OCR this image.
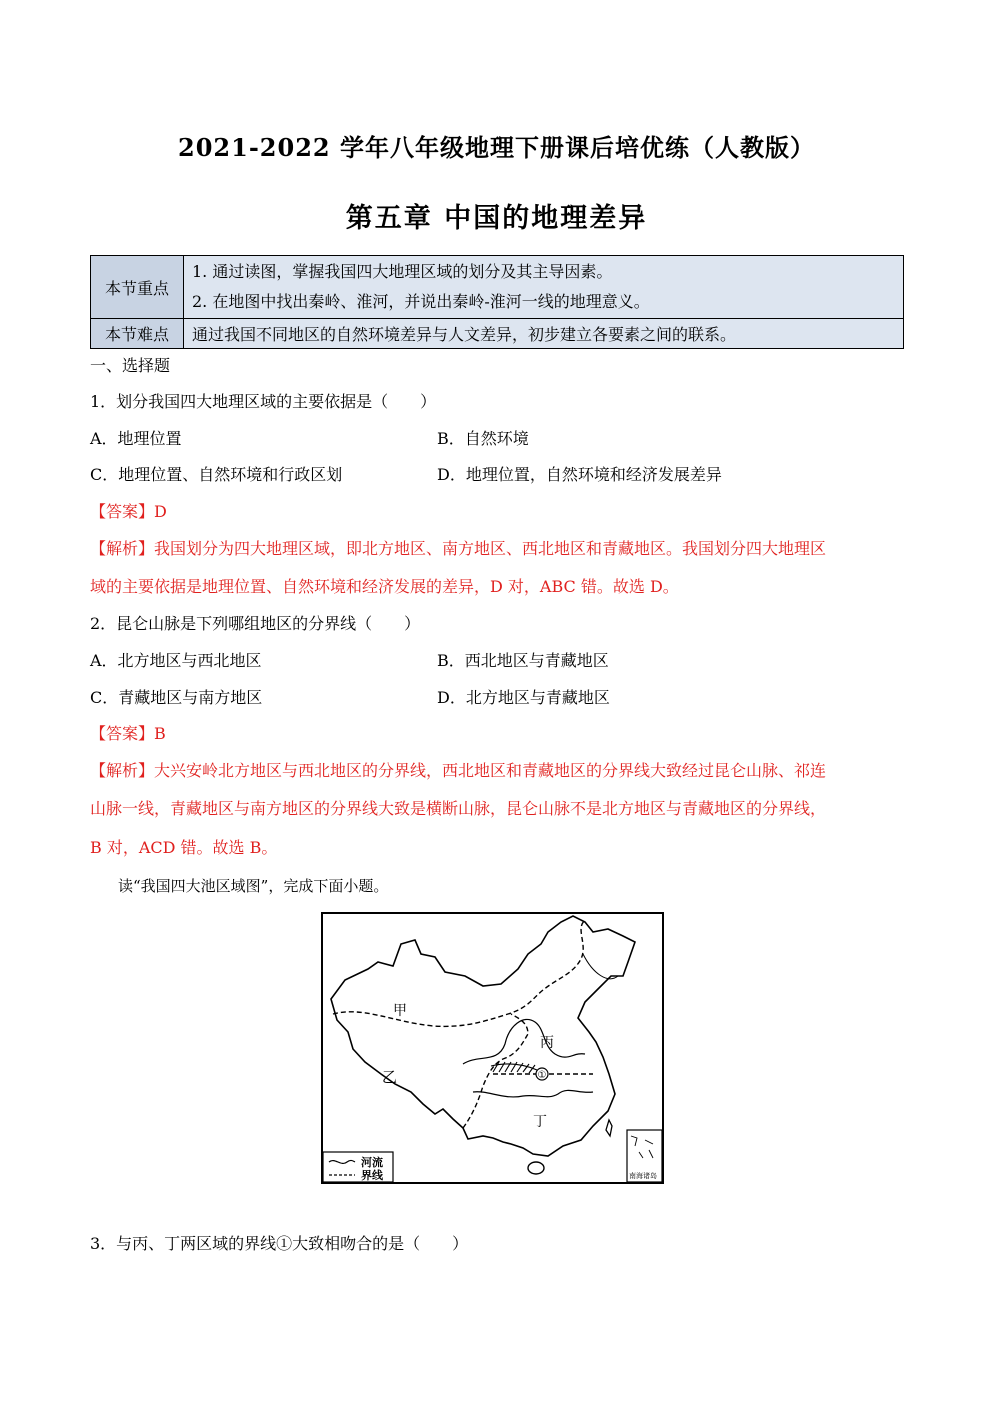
2021-2022 学年八年级地理下册课后培优练（人教版）
第五章 中国的地理差异
本节重点	1. 通过读图，掌握我国四大地理区域的划分及其主导因素。
2. 在地图中找出秦岭、淮河，并说出秦岭-淮河一线的地理意义。

本节难点	通过我国不同地区的自然环境差异与人文差异，初步建立各要素之间的联系。
一、选择题
1．划分我国四大地理区域的主要依据是（　　）
A．地理位置	B．自然环境
C．地理位置、自然环境和行政区划	D．地理位置，自然环境和经济发展差异
【答案】D
【解析】我国划分为四大地理区域，即北方地区、南方地区、西北地区和青藏地区。我国划分四大地理区
域的主要依据是地理位置、自然环境和经济发展的差异，D 对，ABC 错。故选 D。
2．昆仑山脉是下列哪组地区的分界线（　　）
A．北方地区与西北地区	B．西北地区与青藏地区
C．青藏地区与南方地区	D．北方地区与青藏地区
【答案】B
【解析】大兴安岭北方地区与西北地区的分界线，西北地区和青藏地区的分界线大致经过昆仑山脉、祁连
山脉一线，青藏地区与南方地区的分界线大致是横断山脉，昆仑山脉不是北方地区与青藏地区的分界线，
B 对，ACD 错。故选 B。
读“我国四大池区域图”，完成下面小题。
①
甲
乙
丙
丁
河流
界线	南海诸岛
3．与丙、丁两区域的界线①大致相吻合的是（　　）
